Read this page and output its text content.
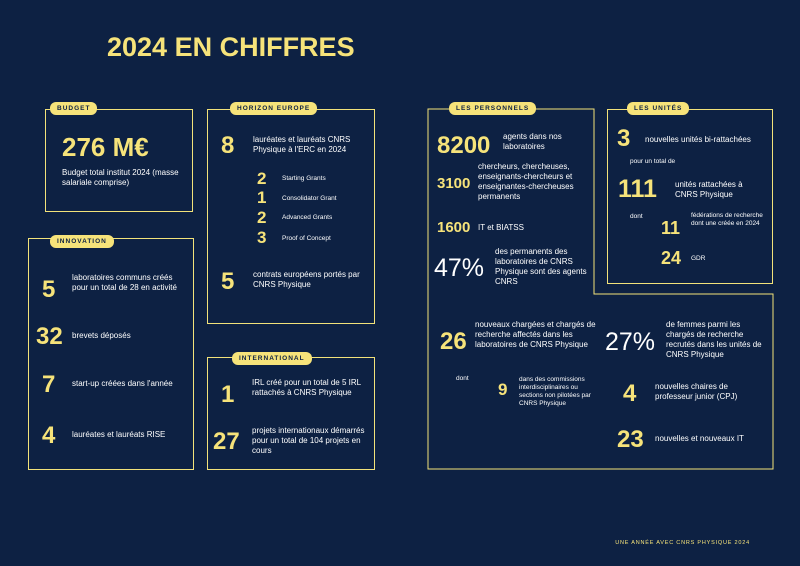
2024 EN CHIFFRES
BUDGET
276 M€
Budget total institut 2024 (masse salariale comprise)
INNOVATION
5 laboratoires communs créés pour un total de 28 en activité
32 brevets déposés
7 start-up créées dans l'année
4 lauréates et lauréats RISE
HORIZON EUROPE
8 lauréates et lauréats CNRS Physique à l'ERC en 2024
2 Starting Grants
1 Consolidator Grant
2 Advanced Grants
3 Proof of Concept
5 contrats européens portés par CNRS Physique
INTERNATIONAL
1 IRL créé pour un total de 5 IRL rattachés à CNRS Physique
27 projets internationaux démarrés pour un total de 104 projets en cours
LES PERSONNELS
8200 agents dans nos laboratoires
3100
chercheurs, chercheuses, enseignants-chercheurs et enseignantes-chercheuses permanents
1600 IT et BIATSS
47%
des permanents des laboratoires de CNRS Physique sont des agents CNRS
26
nouveaux chargées et chargés de recherche affectés dans les laboratoires de CNRS Physique
dont
9
dans des commissions interdisciplinaires ou sections non pilotées par CNRS Physique
27%
de femmes parmi les chargés de recherche recrutés dans les unités de CNRS Physique
4 nouvelles chaires de professeur junior (CPJ)
23 nouvelles et nouveaux IT
LES UNITÉS
3 nouvelles unités bi-rattachées
pour un total de
111 unités rattachées à CNRS Physique
dont
11
fédérations de recherche dont une créée en 2024
24 GDR
UNE ANNÉE AVEC CNRS PHYSIQUE 2024
